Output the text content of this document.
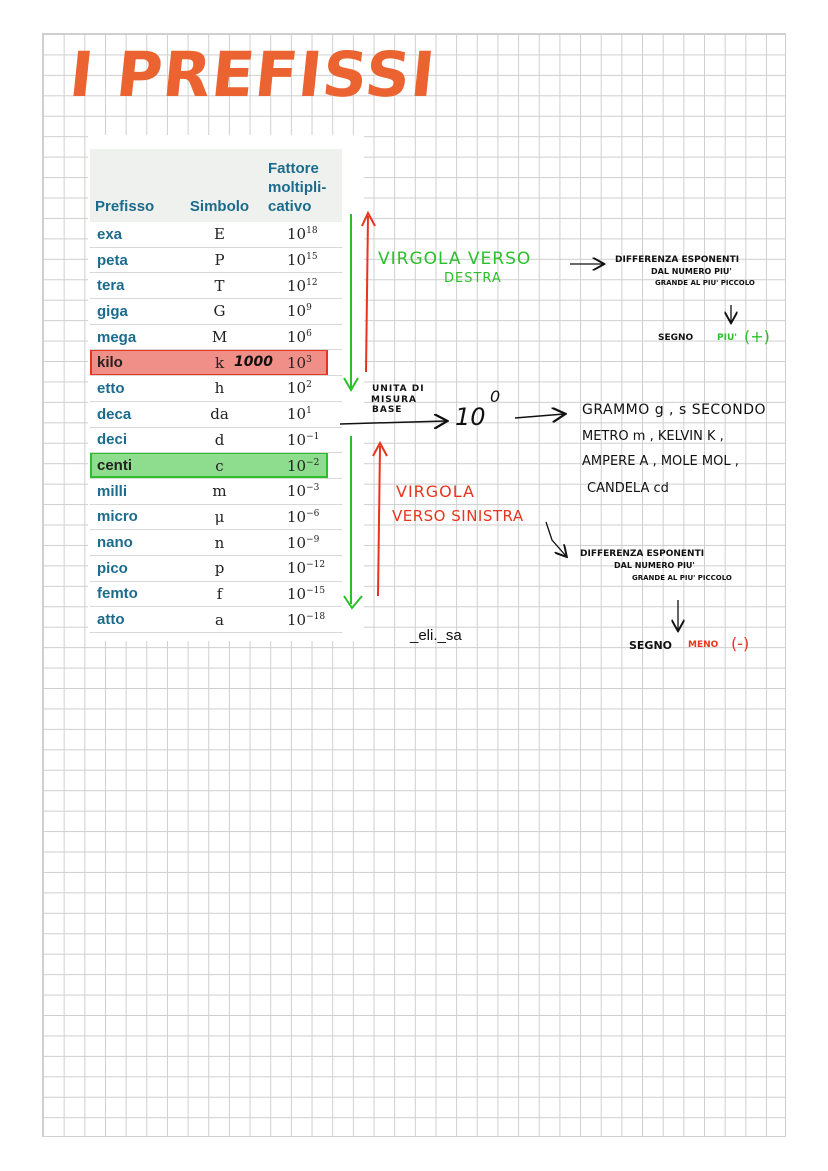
I PREFISSI
Prefisso	Simbolo	Fattore moltipli-cativo
exa	E	$10^{18}$
peta	P	$10^{15}$
tera	T	$10^{12}$
giga	G	$10^9$
mega	M	$10^6$
kilo	k	$10^3$
etto	h	$10^2$
deca	da	$10^1$
deci	d	$10^{-1}$
centi	c	$10^{-2}$
milli	m	$10^{-3}$
micro	μ	$10^{-6}$
nano	n	$10^{-9}$
pico	p	$10^{-12}$
femto	f	$10^{-15}$
atto	a	$10^{-18}$
1000
VIRGOLA VERSO
DESTRA
DIFFERENZA ESPONENTI
DAL NUMERO PIU'
GRANDE AL PIU' PICCOLO
SEGNO	PIU' (+)
UNITA DI
MISURA
BASE 10
0
GRAMMO g , s SECONDO
METRO m , KELVIN K ,
AMPERE A , MOLE MOL ,
CANDELA cd
VIRGOLA
VERSO SINISTRA
DIFFERENZA ESPONENTI
DAL NUMERO PIU'
GRANDE AL PIU' PICCOLO
SEGNO MENO (-)
_eli._sa
